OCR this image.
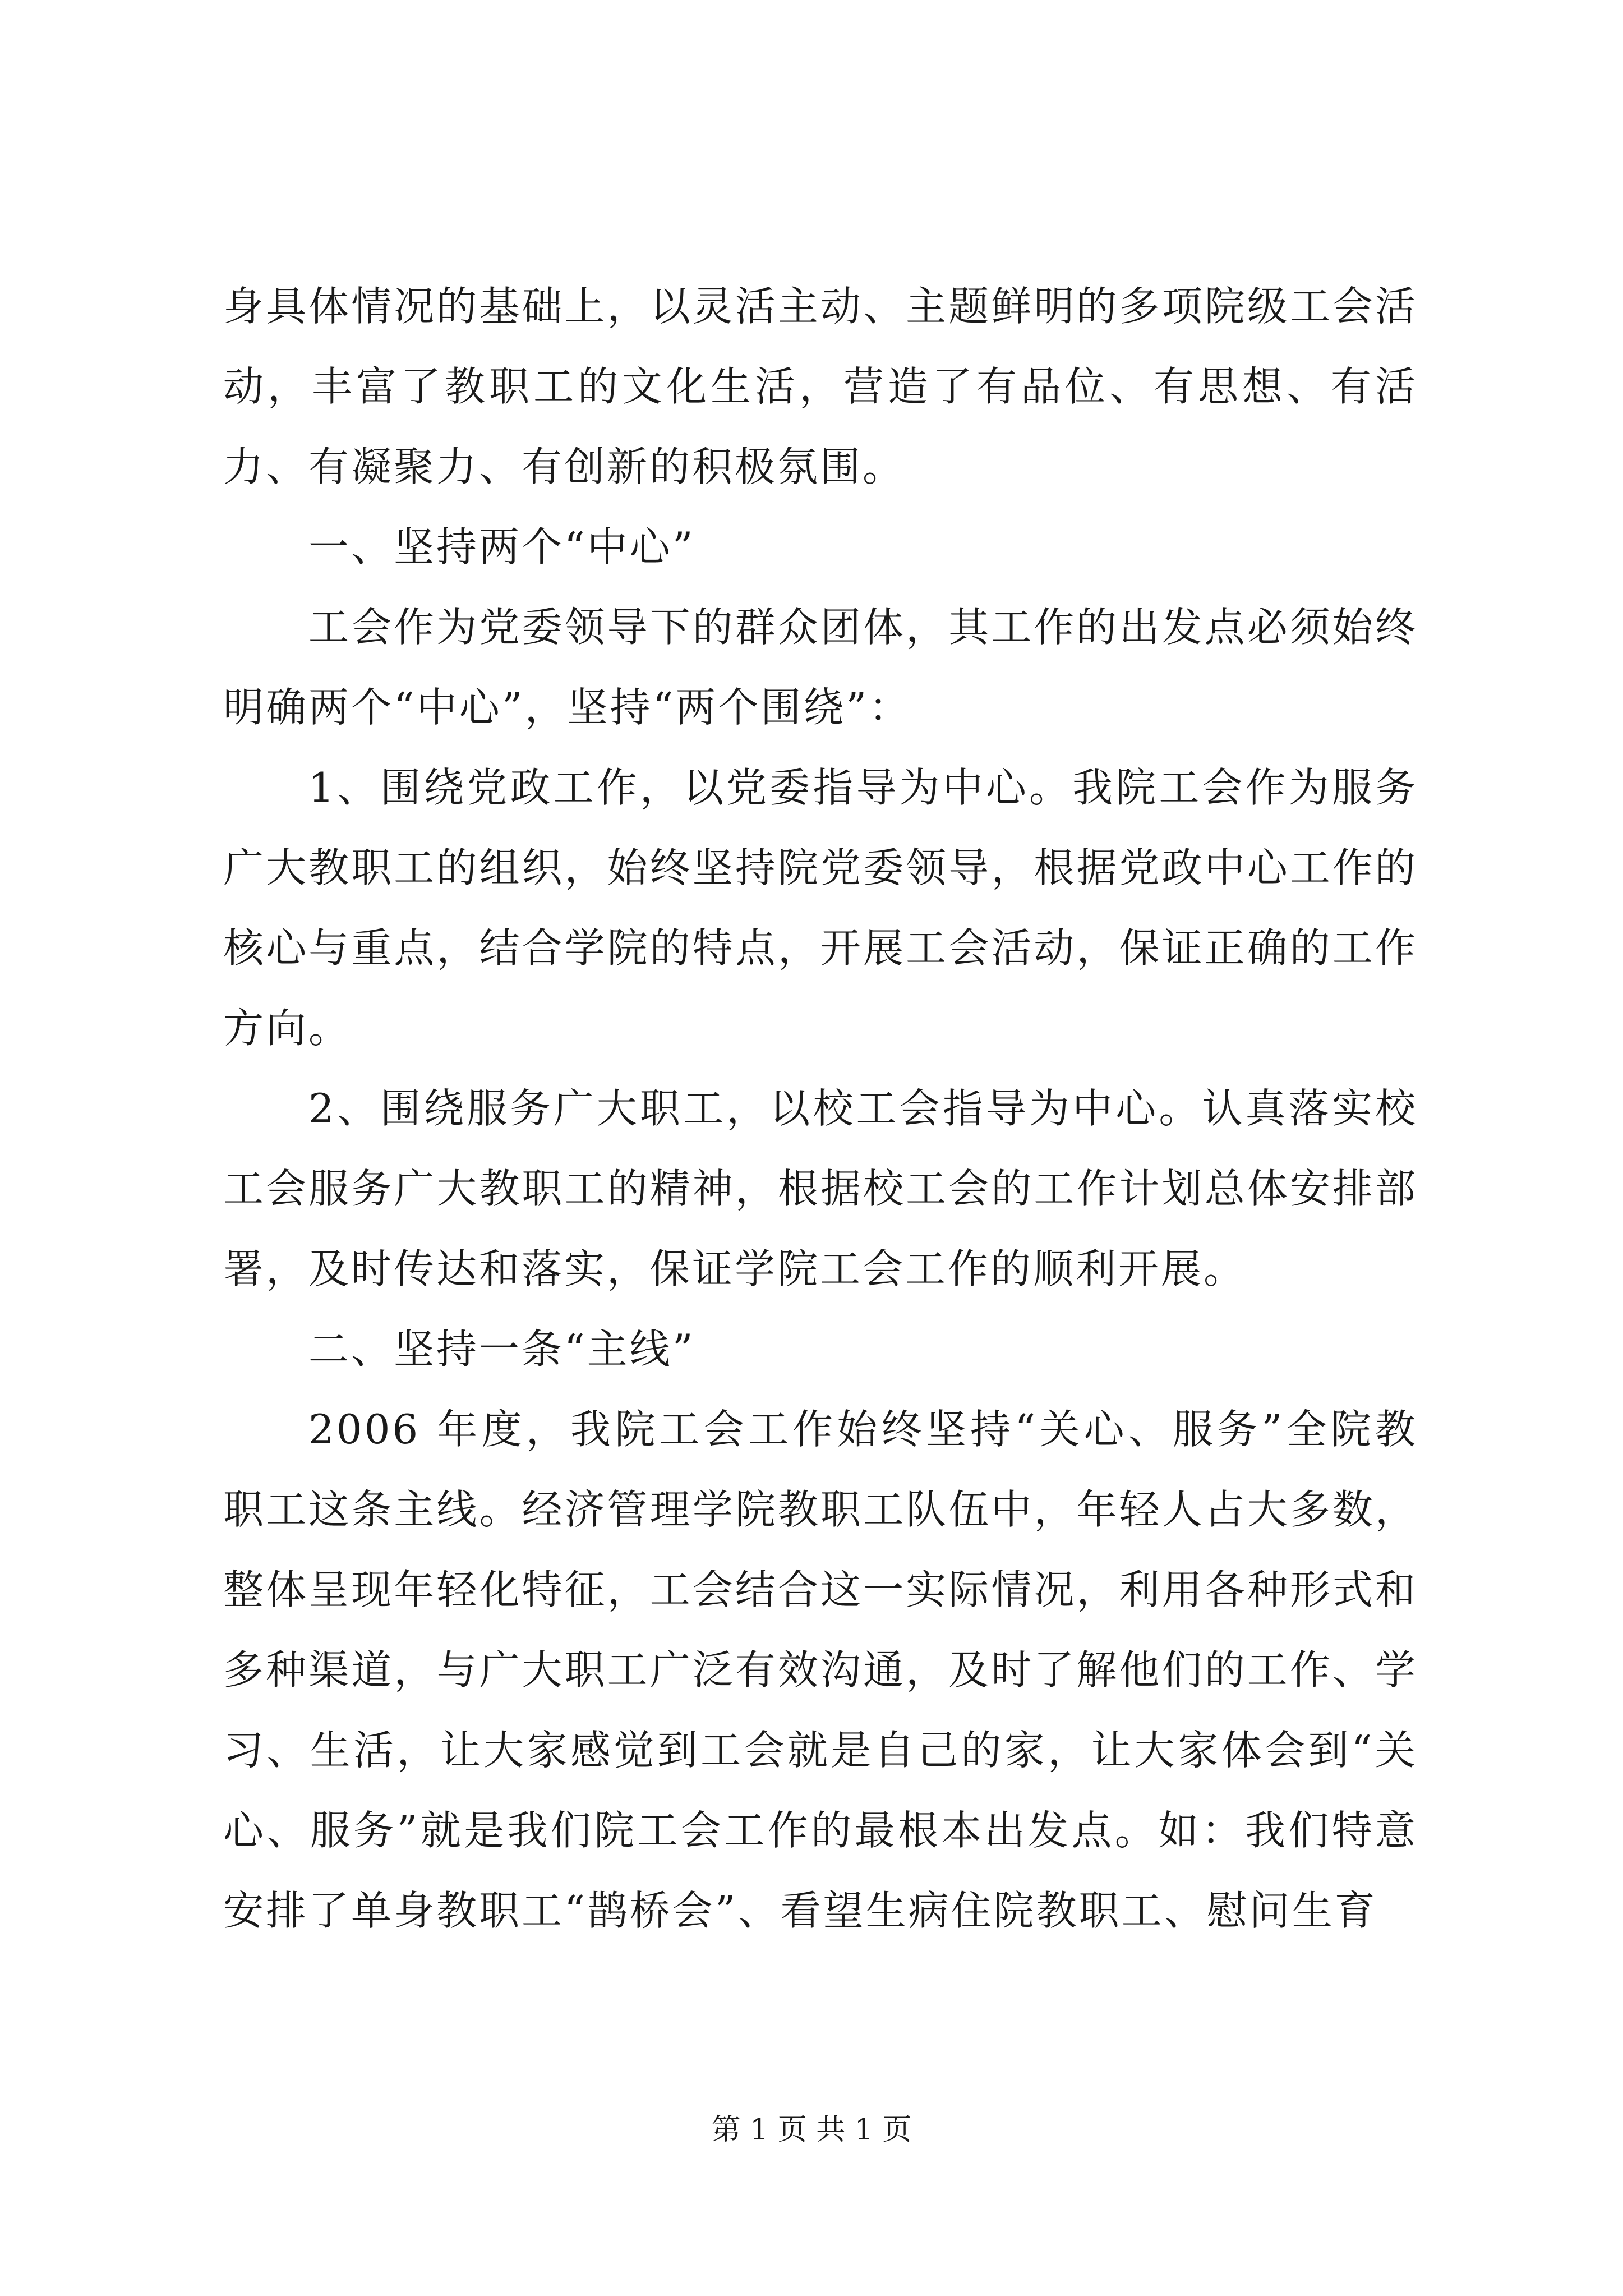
身具体情况的基础上，以灵活主动、主题鲜明的多项院级工会活动，丰富了教职工的文化生活，营造了有品位、有思想、有活力、有凝聚力、有创新的积极氛围。

一、坚持两个“中心”

工会作为党委领导下的群众团体，其工作的出发点必须始终明确两个“中心”，坚持“两个围绕”：

1、围绕党政工作，以党委指导为中心。我院工会作为服务广大教职工的组织，始终坚持院党委领导，根据党政中心工作的核心与重点，结合学院的特点，开展工会活动，保证正确的工作方向。

2、围绕服务广大职工，以校工会指导为中心。认真落实校工会服务广大教职工的精神，根据校工会的工作计划总体安排部署，及时传达和落实，保证学院工会工作的顺利开展。

二、坚持一条“主线”

2006 年度，我院工会工作始终坚持“关心、服务”全院教职工这条主线。经济管理学院教职工队伍中，年轻人占大多数，整体呈现年轻化特征，工会结合这一实际情况，利用各种形式和多种渠道，与广大职工广泛有效沟通，及时了解他们的工作、学习、生活，让大家感觉到工会就是自己的家，让大家体会到“关心、服务”就是我们院工会工作的最根本出发点。如：我们特意安排了单身教职工“鹊桥会”、看望生病住院教职工、慰问生育

第 1 页 共 1 页
